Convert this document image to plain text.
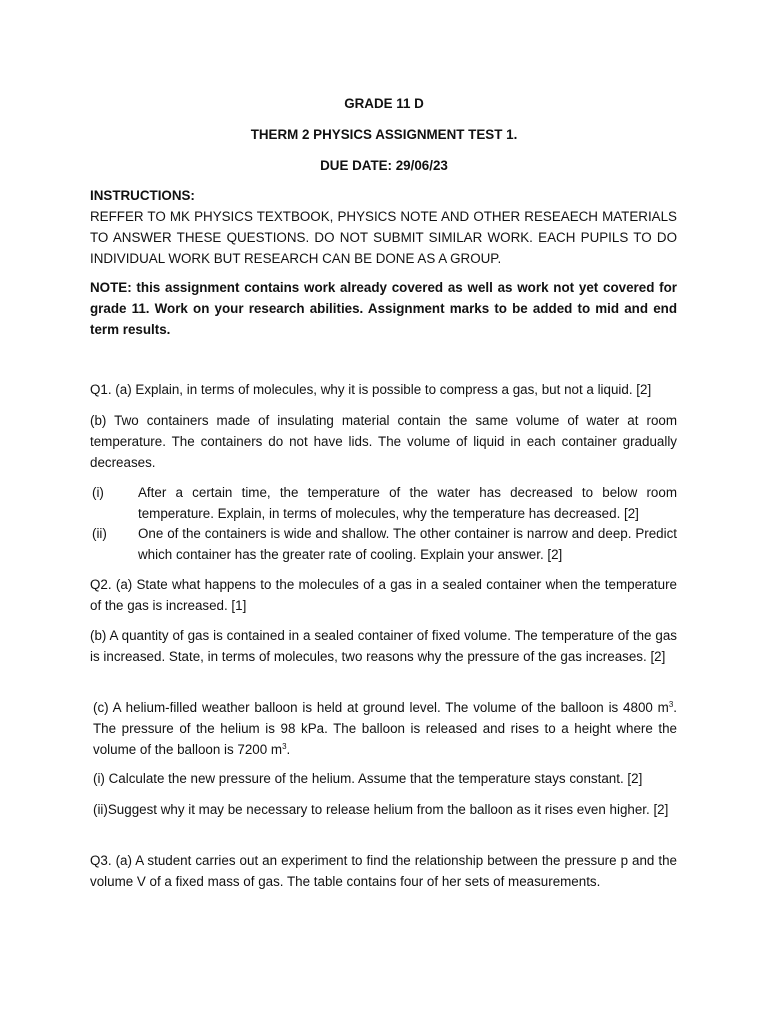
GRADE 11 D
THERM 2 PHYSICS ASSIGNMENT TEST 1.
DUE DATE: 29/06/23
INSTRUCTIONS:
REFFER TO MK PHYSICS TEXTBOOK, PHYSICS NOTE AND OTHER RESEAECH MATERIALS TO ANSWER THESE QUESTIONS. DO NOT SUBMIT SIMILAR WORK. EACH PUPILS TO DO INDIVIDUAL WORK BUT RESEARCH CAN BE DONE AS A GROUP.
NOTE: this assignment contains work already covered as well as work not yet covered for grade 11. Work on your research abilities. Assignment marks to be added to mid and end term results.
Q1. (a) Explain, in terms of molecules, why it is possible to compress a gas, but not a liquid. [2]
(b) Two containers made of insulating material contain the same volume of water at room temperature. The containers do not have lids. The volume of liquid in each container gradually decreases.
(i)	After a certain time, the temperature of the water has decreased to below room temperature. Explain, in terms of molecules, why the temperature has decreased. [2]
(ii) One of the containers is wide and shallow. The other container is narrow and deep. Predict which container has the greater rate of cooling. Explain your answer. [2]
Q2. (a) State what happens to the molecules of a gas in a sealed container when the temperature of the gas is increased. [1]
(b) A quantity of gas is contained in a sealed container of fixed volume. The temperature of the gas is increased. State, in terms of molecules, two reasons why the pressure of the gas increases. [2]
(c) A helium-filled weather balloon is held at ground level. The volume of the balloon is 4800 $m^3$. The pressure of the helium is 98 kPa. The balloon is released and rises to a height where the volume of the balloon is 7200 $m^3$.
(i) Calculate the new pressure of the helium. Assume that the temperature stays constant. [2]
(ii)Suggest why it may be necessary to release helium from the balloon as it rises even higher. [2]
Q3. (a) A student carries out an experiment to find the relationship between the pressure p and the volume V of a fixed mass of gas. The table contains four of her sets of measurements.
